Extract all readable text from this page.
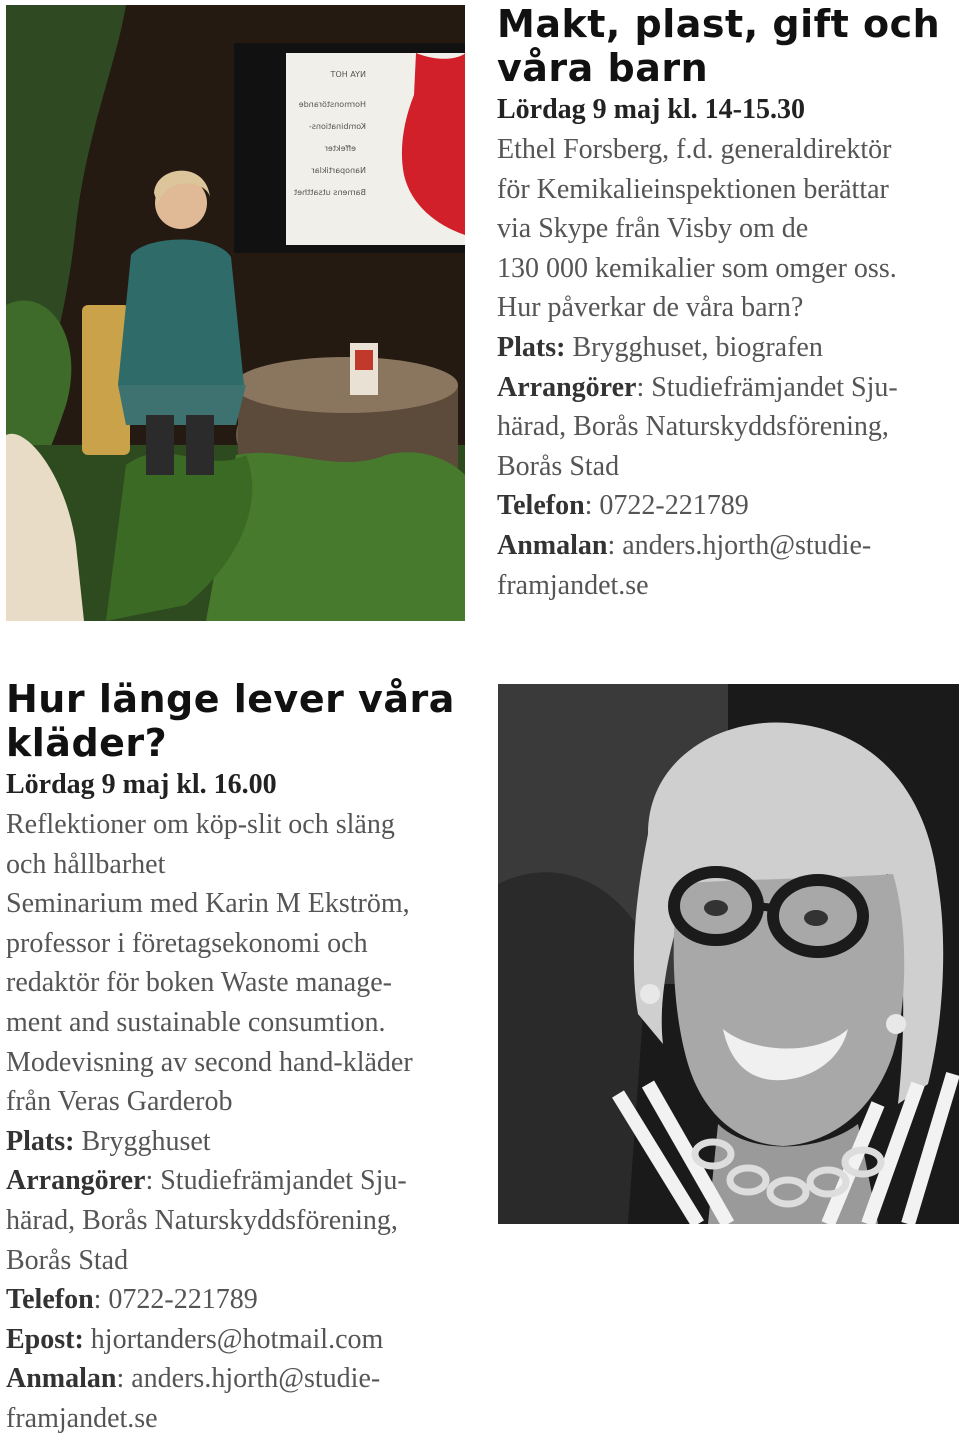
NYA HOT
Hormonstörande
Kombinations-
effekter
Nanopartiklar
Barnens utsatthet
Makt, plast, gift och våra barn
Lördag 9 maj kl. 14-15.30

Ethel Forsberg, f.d. generaldirektör

för Kemikalieinspektionen berättar

via Skype från Visby om de

130 000 kemikalier som omger oss.

Hur påverkar de våra barn?

Plats: Brygghuset, biografen

Arrangörer: Studiefrämjandet Sju-

härad, Borås Naturskyddsförening,

Borås Stad

Telefon: 0722-221789

Anmalan: anders.hjorth@studie-

framjandet.se

Hur länge lever våra kläder?
Lördag 9 maj kl. 16.00

Reflektioner om köp-slit och släng

och hållbarhet

Seminarium med Karin M Ekström,

professor i företagsekonomi och

redaktör för boken Waste manage-

ment and sustainable consumtion.

Modevisning av second hand-kläder

från Veras Garderob

Plats: Brygghuset

Arrangörer: Studiefrämjandet Sju-

härad, Borås Naturskyddsförening,

Borås Stad

Telefon: 0722-221789

Epost: hjortanders@hotmail.com

Anmalan: anders.hjorth@studie-

framjandet.se
